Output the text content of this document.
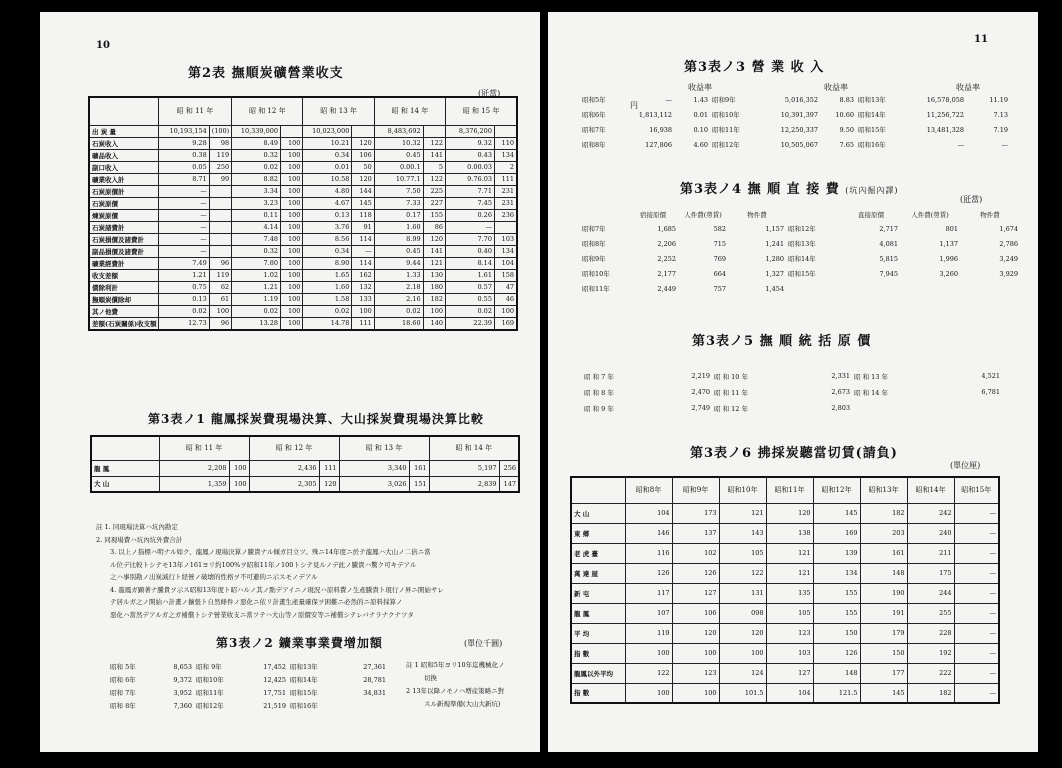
10
第2表 撫順炭礦營業收支
(瓩當)
	昭 和 11 年		昭 和 12 年		昭 和 13 年		昭 和 14 年		昭 和 15 年	
出 炭 量	10,193,154	(100)	10,339,000		10,023,000		8,483,692		8,376,200	
石炭收入	9.28	98	8.49	100	10.21	120	10.32	122	9.32	110
礦品收入	0.38	119	0.32	100	0.34	106	0.45	141	0.43	134
副口收入	0.05	250	0.02	100	0.01	50	0.00.1	5	0.00.03	2
礦業收入計	8.71	99	8.82	100	10.58	120	10.77.1	122	9.76.03	111
石炭原價計	—		3.34	100	4.80	144	7.50	225	7.71	231
石炭原價	—		3.23	100	4.67	145	7.33	227	7.45	231
煉炭原價	—		0.11	100	0.13	118	0.17	155	0.26	236
石炭諸費計	—		4.14	100	3.76	91	1.60	86	—	
石炭損價及諸費計	—		7.48	100	8.56	114	8.99	120	7.70	103
副品損價及諸費計	—		0.32	100	0.34	—	0.45	141	0.40	134
礦業經費計	7.49	96	7.80	100	8.90	114	9.44	121	8.14	104
收支差額	1.21	119	1.02	100	1.65	162	1.33	130	1.61	158
債除利計	0.75	62	1.21	100	1.60	132	2.18	180	0.57	47
撫順炭償除却	0.13	61	1.19	100	1.58	133	2.16	182	0.55	46
其ノ他費	0.02	100	0.02	100	0.02	100	0.02	100	0.02	100
差額(石炭關係)收支額	12.73	96	13.28	100	14.78	111	18.60	140	22.39	169
第3表ノ1 龍鳳採炭費現場決算、大山採炭費現場決算比較
	昭 和 11 年		昭 和 12 年		昭 和 13 年		昭 和 14 年	
龍 鳳	2,208	100	2,436	111	3,340	161	5,197	256
大 山	1,359	100	2,305	120	3,026	151	2,839	147
註 1. 同現場決算ハ坑內勘定
2. 同現場費ハ坑內坑外費合計
3. 以上ノ指標ハ明ナル如ク、龍鳳ノ現場決算ノ騰貴ナル傾ガ目立ツ。殊ニ14年度ニ於テ龍鳳ハ大山ノ二倍ニ當
ル位デ比較トシテモ13年ノ161ヨリ約100%ヲ昭和11年ノ100トシテ見ルノデ此ノ騰貴ハ驚ク可キデアル
之ハ事別勘ノ出炭減行ト経營ノ破壊的性格ヲ不可避的ニ示スモノデアル
4. 龍鳳ガ顕著ナ騰貴ヲ示ス昭和13年度ト昭ハルノ其ノ點デアイニノ現況ハ原料費ノ生產騰貴ト現行ノ昇ニ開始サレ
テ居ルガ之ノ開始ハ計畫ノ擴張ト自然條件ノ惡化ニ依リ計畫生產量確保ヲ困難ニ必然的ニ原料採算ノ
惡化ハ當然デアルガ之ガ補償トシテ營業收支ニ當ツテハ大山等ノ原價安等ニ補償シテレバナラナクナツタ
第3表ノ2 鑛業事業費增加額	(單位千圓)
昭和 5年	8,653	昭和 9年	17,452	昭和13年	27,361
昭和 6年	9,372	昭和10年	12,425	昭和14年	28,781
昭和 7年	3,952	昭和11年	17,751	昭和15年	34,831
昭和 8年	7,360	昭和12年	21,519	昭和16年	
註 1 昭和5年ヨリ10年迄機械化ノ
切換
2 13年以降ノモノハ増産策略ニ對
スル新規準備(大山大新坑)
11
第3表ノ3 營 業 收 入
收益率	收益率	收益率
円
昭和5年	—	1.43	昭和9年	5,016,352	8.83	昭和13年	16,578,058	11.19
昭和6年	1,813,112	0.01	昭和10年	10,391,397	10.60	昭和14年	11,256,722	7.13
昭和7年	16,938	0.10	昭和11年	12,250,337	9.50	昭和15年	13,481,328	7.19
昭和8年	127,806	4.60	昭和12年	10,505,067	7.65	昭和16年	—	—
第3表ノ4 撫 順 直 接 費 (坑內掘內譯)
(瓩當)
	宿接原價	人件費(勞賃)	物件費		直接原價	人件費(勞賃)	物件費
昭和7年	1,685	582	1,157	昭和12年	2,717	801	1,674
昭和8年	2,206	715	1,241	昭和13年	4,081	1,137	2,786
昭和9年	2,252	769	1,280	昭和14年	5,815	1,996	3,249
昭和10年	2,177	664	1,327	昭和15年	7,945	3,260	3,929
昭和11年	2,449	757	1,454				
第3表ノ5 撫 順 統 括 原 價
昭 和 7 年	2,219	昭 和 10 年	2,331	昭 和 13 年	4,521
昭 和 8 年	2,470	昭 和 11 年	2,673	昭 和 14 年	6,781
昭 和 9 年	2,749	昭 和 12 年	2,803		
第3表ノ6 拂採炭聽當切賃(請負)
(單位厘)
	昭和8年	昭和9年	昭和10年	昭和11年	昭和12年	昭和13年	昭和14年	昭和15年
大 山	104	173	121	120	145	182	242	—
東 郷	146	137	143	138	169	203	240	—
老 虎 臺	116	102	105	121	139	161	211	—
萬 達 屋	126	126	122	121	134	148	175	—
新 屯	117	127	131	135	155	190	244	—
龍 鳳	107	106	098	105	155	191	255	—
平 均	119	120	120	123	150	179	228	—
指 數	100	100	100	103	126	150	192	—
龍鳳以外平均	122	123	124	127	148	177	222	—
指 數	100	100	101.5	104	121.5	145	182	—
